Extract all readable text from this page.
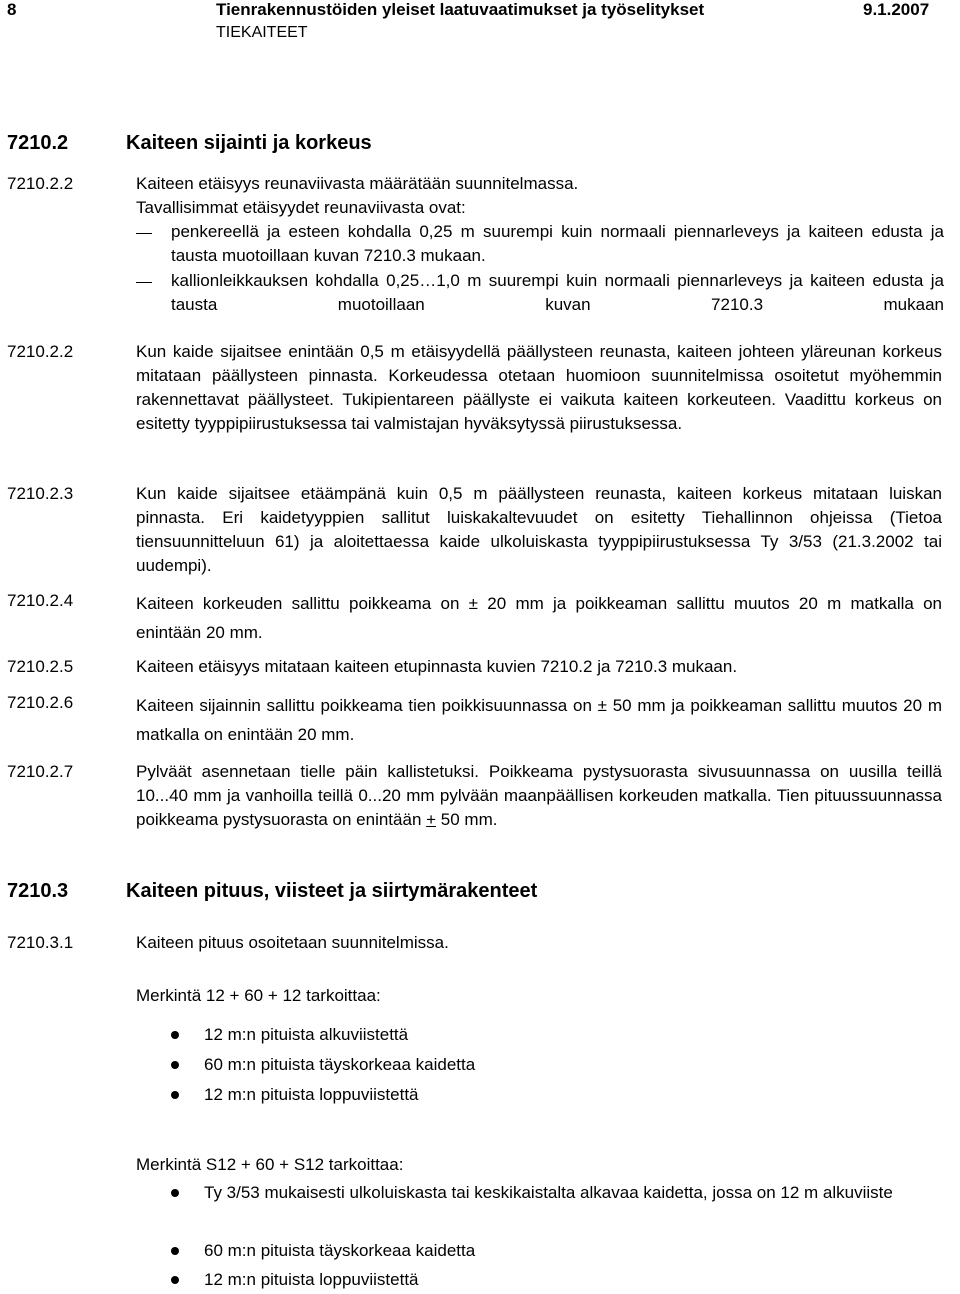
8	Tienrakennustöiden yleiset laatuvaatimukset ja työselitykset	9.1.2007
TIEKAITEET
7210.2	Kaiteen sijainti ja korkeus

7210.2.2	Kaiteen etäisyys reunaviivasta määrätään suunnitelmassa.

Tavallisimmat etäisyydet reunaviivasta ovat:

penkereellä ja esteen kohdalla 0,25 m suurempi kuin normaali piennarleveys ja kaiteen edusta ja tausta muotoillaan kuvan 7210.3 mukaan.

kallionleikkauksen kohdalla 0,25…1,0 m suurempi kuin normaali piennarleveys ja kaiteen edusta ja tausta muotoillaan kuvan 7210.3 mukaan

7210.2.2	Kun kaide sijaitsee enintään 0,5 m etäisyydellä päällysteen reunasta, kaiteen johteen yläreunan korkeus mitataan päällysteen pinnasta. Korkeudessa otetaan huomioon suunnitelmissa osoitetut myöhemmin rakennettavat päällysteet. Tukipientareen päällyste ei vaikuta kaiteen korkeuteen. Vaadittu korkeus on esitetty tyyppipiirustuksessa tai valmistajan hyväksytyssä piirustuksessa.

7210.2.3	Kun kaide sijaitsee etäämpänä kuin 0,5 m päällysteen reunasta, kaiteen korkeus mitataan luiskan pinnasta. Eri kaidetyyppien sallitut luiskakaltevuudet on esitetty Tiehallinnon ohjeissa (Tietoa tiensuunnitteluun 61) ja aloitettaessa kaide ulkoluiskasta tyyppipiirustuksessa Ty 3/53 (21.3.2002 tai uudempi).

7210.2.4	Kaiteen korkeuden sallittu poikkeama on ± 20 mm ja poikkeaman sallittu muutos 20 m matkalla on enintään 20 mm.

7210.2.5	Kaiteen etäisyys mitataan kaiteen etupinnasta kuvien 7210.2 ja 7210.3 mukaan.

7210.2.6	Kaiteen sijainnin sallittu poikkeama tien poikkisuunnassa on ± 50 mm ja poikkeaman sallittu muutos 20 m matkalla on enintään 20 mm.

7210.2.7	Pylväät asennetaan tielle päin kallistetuksi. Poikkeama pystysuorasta sivusuunnassa on uusilla teillä 10...40 mm ja vanhoilla teillä 0...20 mm pylvään maanpäällisen korkeuden matkalla. Tien pituussuunnassa poikkeama pystysuorasta on enintään + 50 mm.

7210.3	Kaiteen pituus, viisteet ja siirtymärakenteet

7210.3.1	Kaiteen pituus osoitetaan suunnitelmissa.

Merkintä 12 + 60 + 12 tarkoittaa:

12 m:n pituista alkuviistettä

60 m:n pituista täyskorkeaa kaidetta

12 m:n pituista loppuviistettä

Merkintä S12 + 60 + S12 tarkoittaa:

Ty 3/53 mukaisesti ulkoluiskasta tai keskikaistalta alkavaa kaidetta, jossa on 12 m alkuviiste

60 m:n pituista täyskorkeaa kaidetta

12 m:n pituista loppuviistettä
